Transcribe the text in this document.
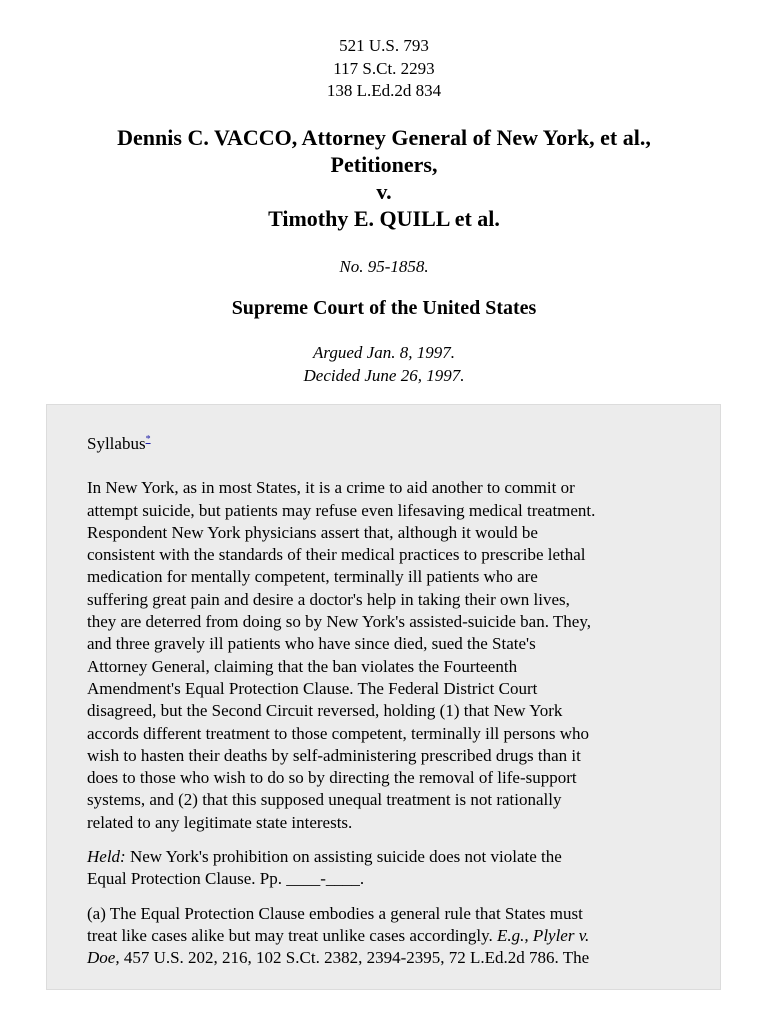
521 U.S. 793
117 S.Ct. 2293
138 L.Ed.2d 834
Dennis C. VACCO, Attorney General of New York, et al.,
Petitioners,
v.
Timothy E. QUILL et al.
No. 95-1858.
Supreme Court of the United States
Argued Jan. 8, 1997.
Decided June 26, 1997.
Syllabus*
In New York, as in most States, it is a crime to aid another to commit or
attempt suicide, but patients may refuse even lifesaving medical treatment.
Respondent New York physicians assert that, although it would be
consistent with the standards of their medical practices to prescribe lethal
medication for mentally competent, terminally ill patients who are
suffering great pain and desire a doctor's help in taking their own lives,
they are deterred from doing so by New York's assisted-suicide ban. They,
and three gravely ill patients who have since died, sued the State's
Attorney General, claiming that the ban violates the Fourteenth
Amendment's Equal Protection Clause. The Federal District Court
disagreed, but the Second Circuit reversed, holding (1) that New York
accords different treatment to those competent, terminally ill persons who
wish to hasten their deaths by self-administering prescribed drugs than it
does to those who wish to do so by directing the removal of life-support
systems, and (2) that this supposed unequal treatment is not rationally
related to any legitimate state interests.
Held: New York's prohibition on assisting suicide does not violate the
Equal Protection Clause. Pp. ____-____.
(a) The Equal Protection Clause embodies a general rule that States must
treat like cases alike but may treat unlike cases accordingly. E.g., Plyler v.
Doe, 457 U.S. 202, 216, 102 S.Ct. 2382, 2394-2395, 72 L.Ed.2d 786. The
